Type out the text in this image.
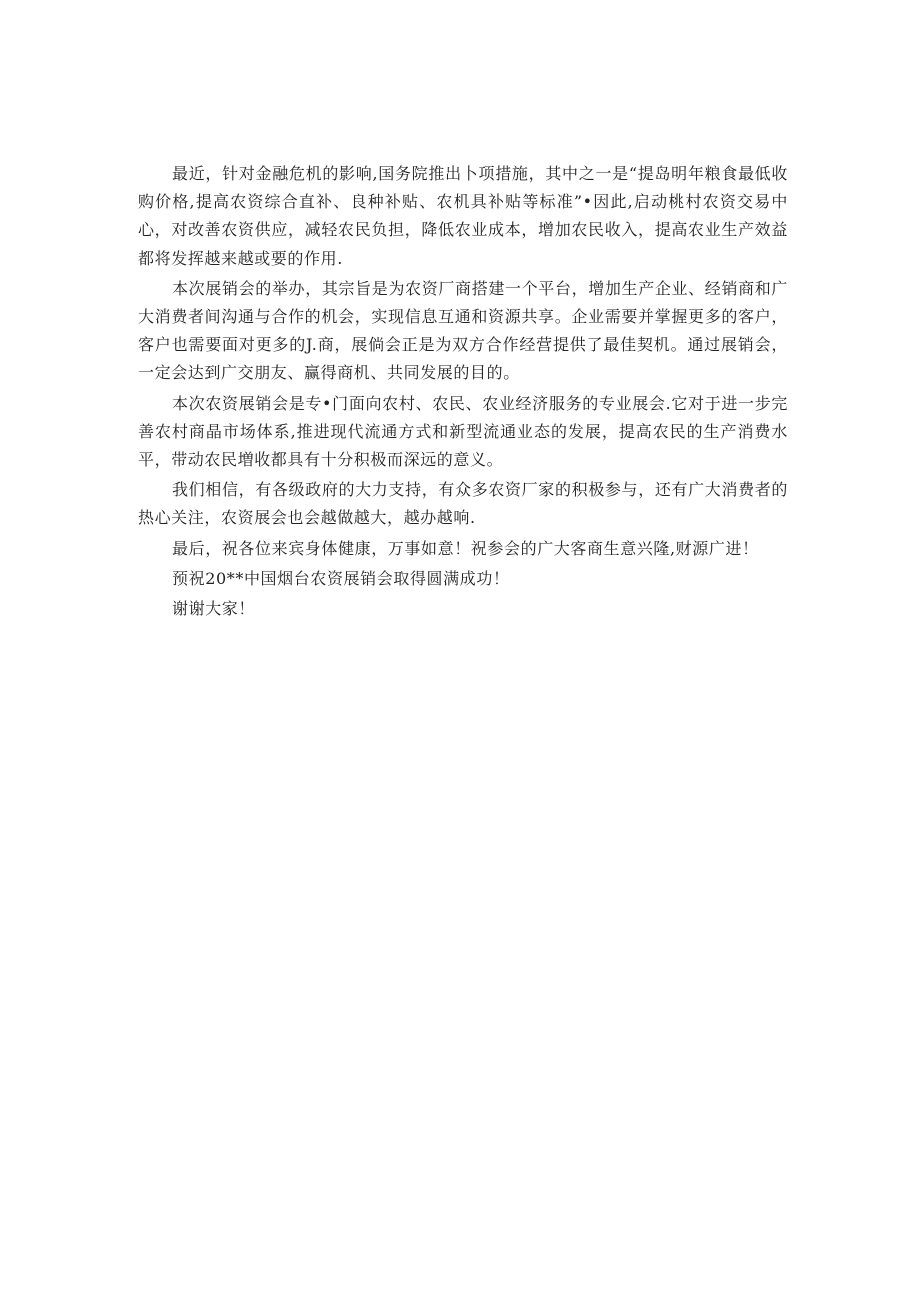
最近，针对金融危机的影响,国务院推出卜项措施，其中之一是“提岛明年粮食最低收购价格,提高农资综合直补、良种补贴、农机具补贴等标准”•因此,启动桃村农资交易中心，对改善农资供应，减轻农民负担，降低农业成本，增加农民收入，提高农业生产效益都将发挥越来越或要的作用.

本次展销会的举办，其宗旨是为农资厂商搭建一个平台，增加生产企业、经销商和广大消费者间沟通与合作的机会，实现信息互通和资源共享。企业需要并掌握更多的客户，客户也需要面对更多的J.商，展倘会正是为双方合作经营提供了最佳契机。通过展销会，一定会达到广交朋友、赢得商机、共同发展的目的。

本次农资展销会是专•门面向农村、农民、农业经济服务的专业展会.它对于进一步完善农村商晶市场体系,推进现代流通方式和新型流通业态的发展，提高农民的生产消费水平，带动农民増收都具有十分积极而深远的意义。

我们相信，有各级政府的大力支持，有众多农资厂家的积极参与，还有广大消费者的热心关注，农资展会也会越做越大，越办越响.

最后，祝各位来宾身体健康，万事如意！祝参会的广大客商生意兴隆,财源广进！

预祝20**中国烟台农资展销会取得圆满成功！

谢谢大家！
